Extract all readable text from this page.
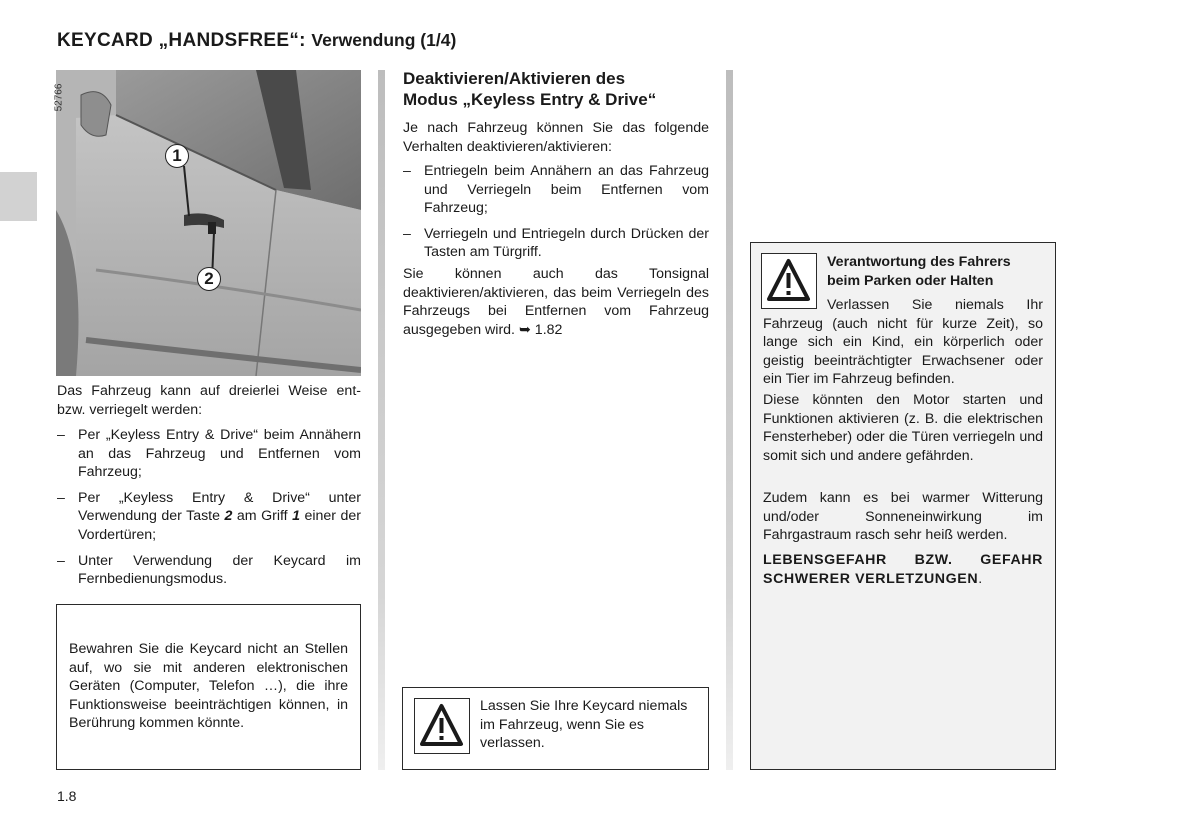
KEYCARD „HANDSFREE“: Verwendung (1/4)
52766
1
2

Das Fahrzeug kann auf dreierlei Weise ent- bzw. verriegelt werden:

– Per „Keyless Entry & Drive“ beim Annähern an das Fahrzeug und Entfernen vom Fahrzeug;
– Per „Keyless Entry & Drive“ unter Verwendung der Taste 2 am Griff 1 einer der Vordertüren;
– Unter Verwendung der Keycard im Fernbedienungsmodus.

Bewahren Sie die Keycard nicht an Stellen auf, wo sie mit anderen elektronischen Geräten (Computer, Telefon …), die ihre Funktionsweise beeinträchtigen können, in Berührung kommen könnte.

Deaktivieren/Aktivieren des
Modus „Keyless Entry & Drive“

Je nach Fahrzeug können Sie das folgende Verhalten deaktivieren/aktivieren:

– Entriegeln beim Annähern an das Fahrzeug und Verriegeln beim Entfernen vom Fahrzeug;
– Verriegeln und Entriegeln durch Drücken der Tasten am Türgriff.

Sie können auch das Tonsignal deaktivieren/aktivieren, das beim Verriegeln des Fahrzeugs bei Entfernen vom Fahrzeug ausgegeben wird. ➥ 1.82

Lassen Sie Ihre Keycard niemals im Fahrzeug, wenn Sie es verlassen.

Verantwortung des Fahrers beim Parken oder Halten

Verlassen Sie niemals Ihr Fahrzeug (auch nicht für kurze Zeit), so lange sich ein Kind, ein körperlich oder geistig beeinträchtigter Erwachsener oder ein Tier im Fahrzeug befinden.

Diese könnten den Motor starten und Funktionen aktivieren (z. B. die elektrischen Fensterheber) oder die Türen verriegeln und somit sich und andere gefährden.

Zudem kann es bei warmer Witterung und/oder Sonneneinwirkung im Fahrgastraum rasch sehr heiß werden.

LEBENSGEFAHR BZW. GEFAHR SCHWERER VERLETZUNGEN.

1.8
